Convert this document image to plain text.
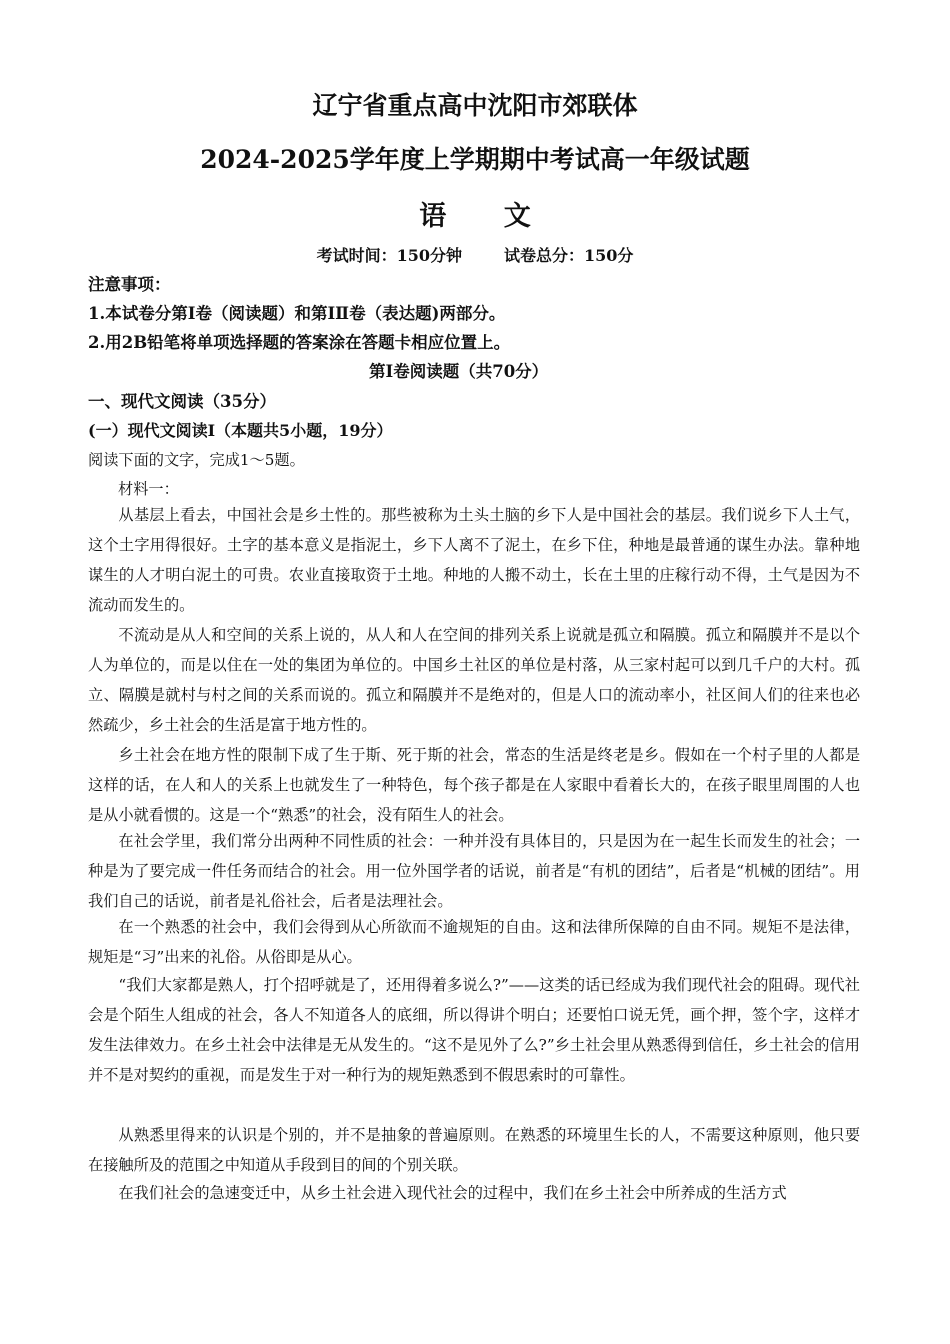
辽宁省重点高中沈阳市郊联体
2024-2025学年度上学期期中考试高一年级试题
语 文
考试时间：150分钟	试卷总分：150分
注意事项：
1.本试卷分第Ⅰ卷（阅读题）和第ⅠⅡ卷（表达题)两部分。
2.用2B铅笔将单项选择题的答案涂在答题卡相应位置上。
第Ⅰ卷阅读题（共70分）
一、现代文阅读（35分）
(一）现代文阅读Ⅰ（本题共5小题，19分）
阅读下面的文字，完成1～5题。
材料一：

从基层上看去，中国社会是乡土性的。那些被称为土头土脑的乡下人是中国社会的基层。我们说乡下人土气，这个土字用得很好。土字的基本意义是指泥土，乡下人离不了泥土，在乡下住，种地是最普通的谋生办法。靠种地谋生的人才明白泥土的可贵。农业直接取资于土地。种地的人搬不动土，长在土里的庄稼行动不得，土气是因为不流动而发生的。

不流动是从人和空间的关系上说的，从人和人在空间的排列关系上说就是孤立和隔膜。孤立和隔膜并不是以个人为单位的，而是以住在一处的集团为单位的。中国乡土社区的单位是村落，从三家村起可以到几千户的大村。孤立、隔膜是就村与村之间的关系而说的。孤立和隔膜并不是绝对的，但是人口的流动率小，社区间人们的往来也必然疏少，乡土社会的生活是富于地方性的。

乡土社会在地方性的限制下成了生于斯、死于斯的社会，常态的生活是终老是乡。假如在一个村子里的人都是这样的话，在人和人的关系上也就发生了一种特色，每个孩子都是在人家眼中看着长大的，在孩子眼里周围的人也是从小就看惯的。这是一个“熟悉”的社会，没有陌生人的社会。

在社会学里，我们常分出两种不同性质的社会：一种并没有具体目的，只是因为在一起生长而发生的社会；一种是为了要完成一件任务而结合的社会。用一位外国学者的话说，前者是“有机的团结”，后者是“机械的团结”。用我们自己的话说，前者是礼俗社会，后者是法理社会。

在一个熟悉的社会中，我们会得到从心所欲而不逾规矩的自由。这和法律所保障的自由不同。规矩不是法律，规矩是“习”出来的礼俗。从俗即是从心。

“我们大家都是熟人，打个招呼就是了，还用得着多说么?”——这类的话已经成为我们现代社会的阻碍。现代社会是个陌生人组成的社会，各人不知道各人的底细，所以得讲个明白；还要怕口说无凭，画个押，签个字，这样才发生法律效力。在乡土社会中法律是无从发生的。“这不是见外了么?”乡土社会里从熟悉得到信任，乡土社会的信用并不是对契约的重视，而是发生于对一种行为的规矩熟悉到不假思索时的可靠性。

从熟悉里得来的认识是个别的，并不是抽象的普遍原则。在熟悉的环境里生长的人，不需要这种原则，他只要在接触所及的范围之中知道从手段到目的间的个别关联。

在我们社会的急速变迁中，从乡土社会进入现代社会的过程中，我们在乡土社会中所养成的生活方式
